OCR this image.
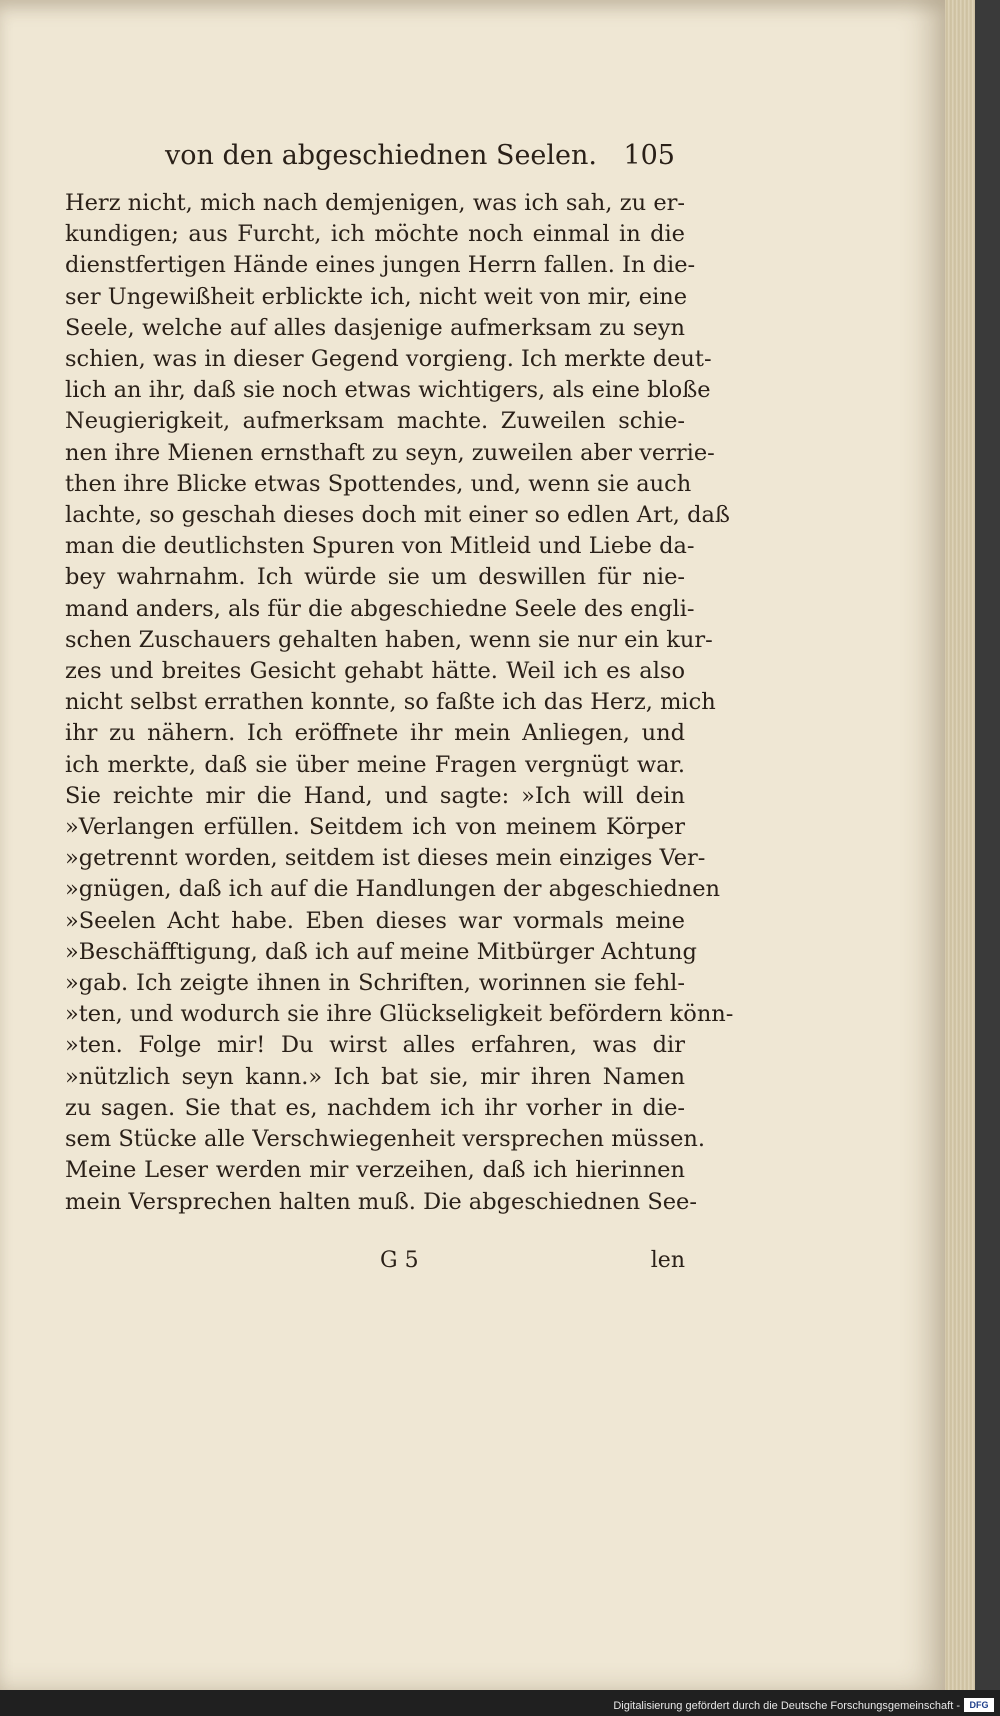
von den abgeschiednen Seelen. 105
Herz nicht, mich nach demjenigen, was ich sah, zu er-
kundigen; aus Furcht, ich möchte noch einmal in die
dienstfertigen Hände eines jungen Herrn fallen. In die-
ser Ungewißheit erblickte ich, nicht weit von mir, eine
Seele, welche auf alles dasjenige aufmerksam zu seyn
schien, was in dieser Gegend vorgieng. Ich merkte deut-
lich an ihr, daß sie noch etwas wichtigers, als eine bloße
Neugierigkeit, aufmerksam machte. Zuweilen schie-
nen ihre Mienen ernsthaft zu seyn, zuweilen aber verrie-
then ihre Blicke etwas Spottendes, und, wenn sie auch
lachte, so geschah dieses doch mit einer so edlen Art, daß
man die deutlichsten Spuren von Mitleid und Liebe da-
bey wahrnahm. Ich würde sie um deswillen für nie-
mand anders, als für die abgeschiedne Seele des engli-
schen Zuschauers gehalten haben, wenn sie nur ein kur-
zes und breites Gesicht gehabt hätte. Weil ich es also
nicht selbst errathen konnte, so faßte ich das Herz, mich
ihr zu nähern. Ich eröffnete ihr mein Anliegen, und
ich merkte, daß sie über meine Fragen vergnügt war.
Sie reichte mir die Hand, und sagte: »Ich will dein
»Verlangen erfüllen. Seitdem ich von meinem Körper
»getrennt worden, seitdem ist dieses mein einziges Ver-
»gnügen, daß ich auf die Handlungen der abgeschiednen
»Seelen Acht habe. Eben dieses war vormals meine
»Beschäfftigung, daß ich auf meine Mitbürger Achtung
»gab. Ich zeigte ihnen in Schriften, worinnen sie fehl-
»ten, und wodurch sie ihre Glückseligkeit befördern könn-
»ten. Folge mir! Du wirst alles erfahren, was dir
»nützlich seyn kann.» Ich bat sie, mir ihren Namen
zu sagen. Sie that es, nachdem ich ihr vorher in die-
sem Stücke alle Verschwiegenheit versprechen müssen.
Meine Leser werden mir verzeihen, daß ich hierinnen
mein Versprechen halten muß. Die abgeschiednen See-
G 5	len
Digitalisierung gefördert durch die Deutsche Forschungsgemeinschaft -	DFG
